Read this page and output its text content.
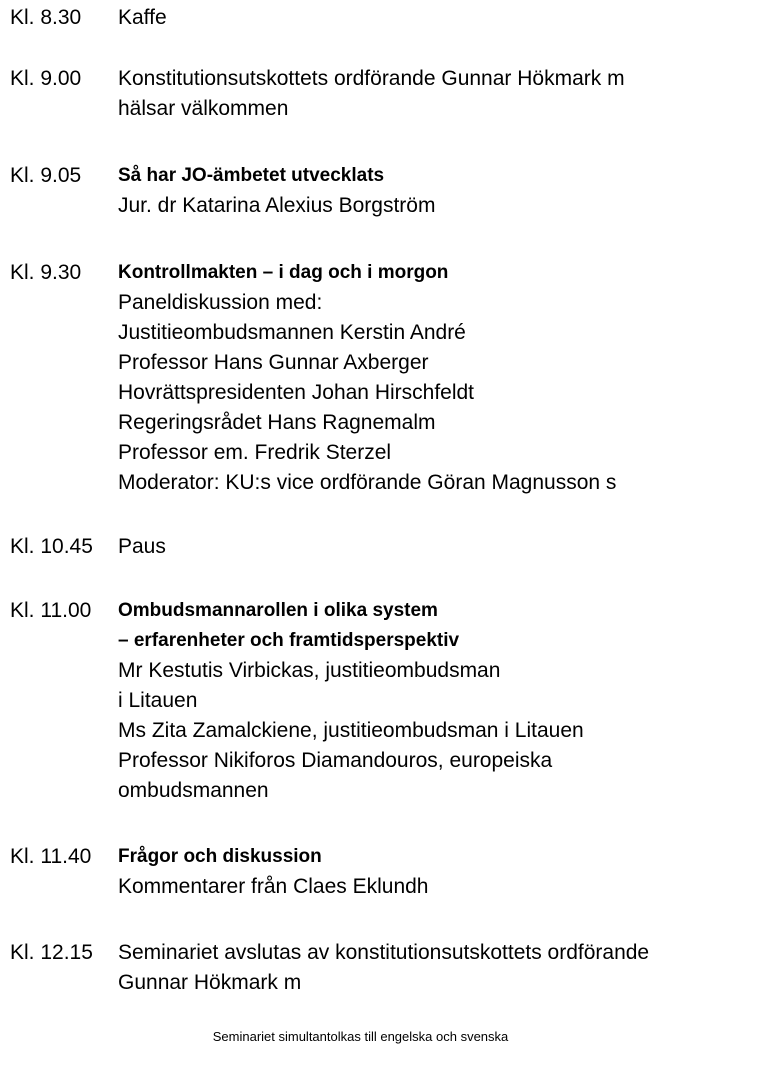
Kl. 8.30	Kaffe
Kl. 9.00	Konstitutionsutskottets ordförande Gunnar Hökmark m
hälsar välkommen
Kl. 9.05	Så har JO-ämbetet utvecklats
Jur. dr Katarina Alexius Borgström
Kl. 9.30	Kontrollmakten – i dag och i morgon
Paneldiskussion med:
Justitieombudsmannen Kerstin André
Professor Hans Gunnar Axberger
Hovrättspresidenten Johan Hirschfeldt
Regeringsrådet Hans Ragnemalm
Professor em. Fredrik Sterzel
Moderator: KU:s vice ordförande Göran Magnusson s
Kl. 10.45	Paus
Kl. 11.00	Ombudsmannarollen i olika system
– erfarenheter och framtidsperspektiv
Mr Kestutis Virbickas, justitieombudsman
i Litauen
Ms Zita Zamalckiene, justitieombudsman i Litauen
Professor Nikiforos Diamandouros, europeiska
ombudsmannen
Kl. 11.40	Frågor och diskussion
Kommentarer från Claes Eklundh
Kl. 12.15	Seminariet avslutas av konstitutionsutskottets ordförande
Gunnar Hökmark m
Seminariet simultantolkas till engelska och svenska
